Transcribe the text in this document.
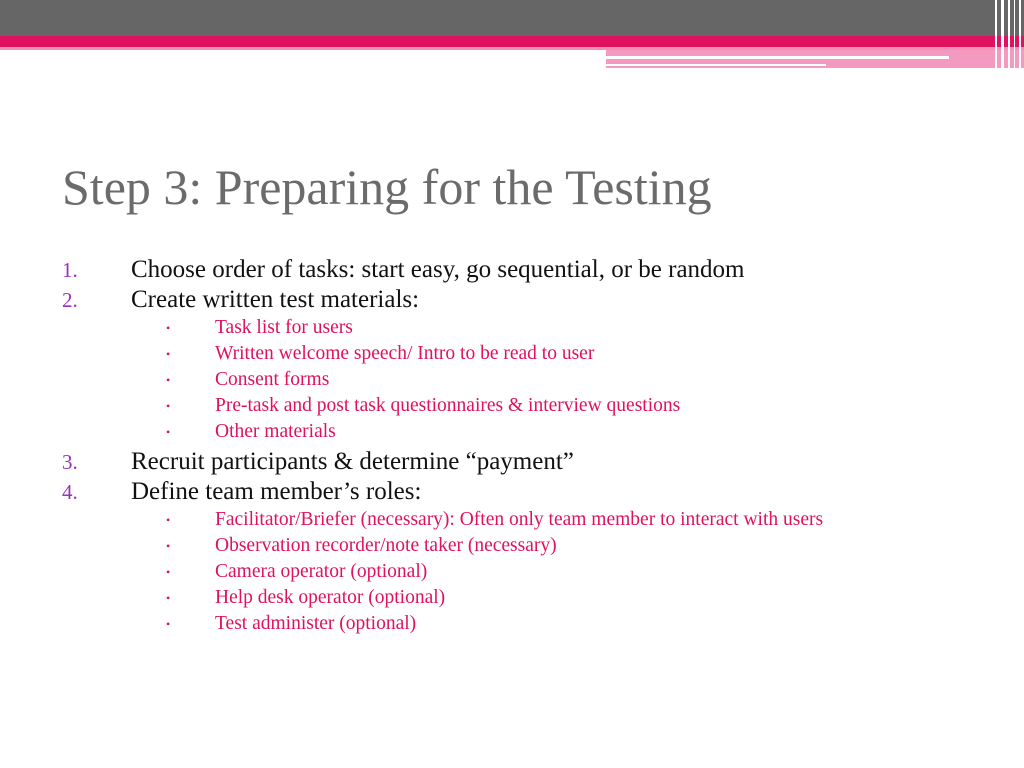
Step 3: Preparing for the Testing
1. Choose order of tasks: start easy, go sequential, or be random
2. Create written test materials:
• Task list for users
• Written welcome speech/ Intro to be read to user
• Consent forms
• Pre-task and post task questionnaires & interview questions
• Other materials
3. Recruit participants & determine “payment”
4. Define team member’s roles:
• Facilitator/Briefer (necessary): Often only team member to interact with users
• Observation recorder/note taker (necessary)
• Camera operator (optional)
• Help desk operator (optional)
• Test administer (optional)
